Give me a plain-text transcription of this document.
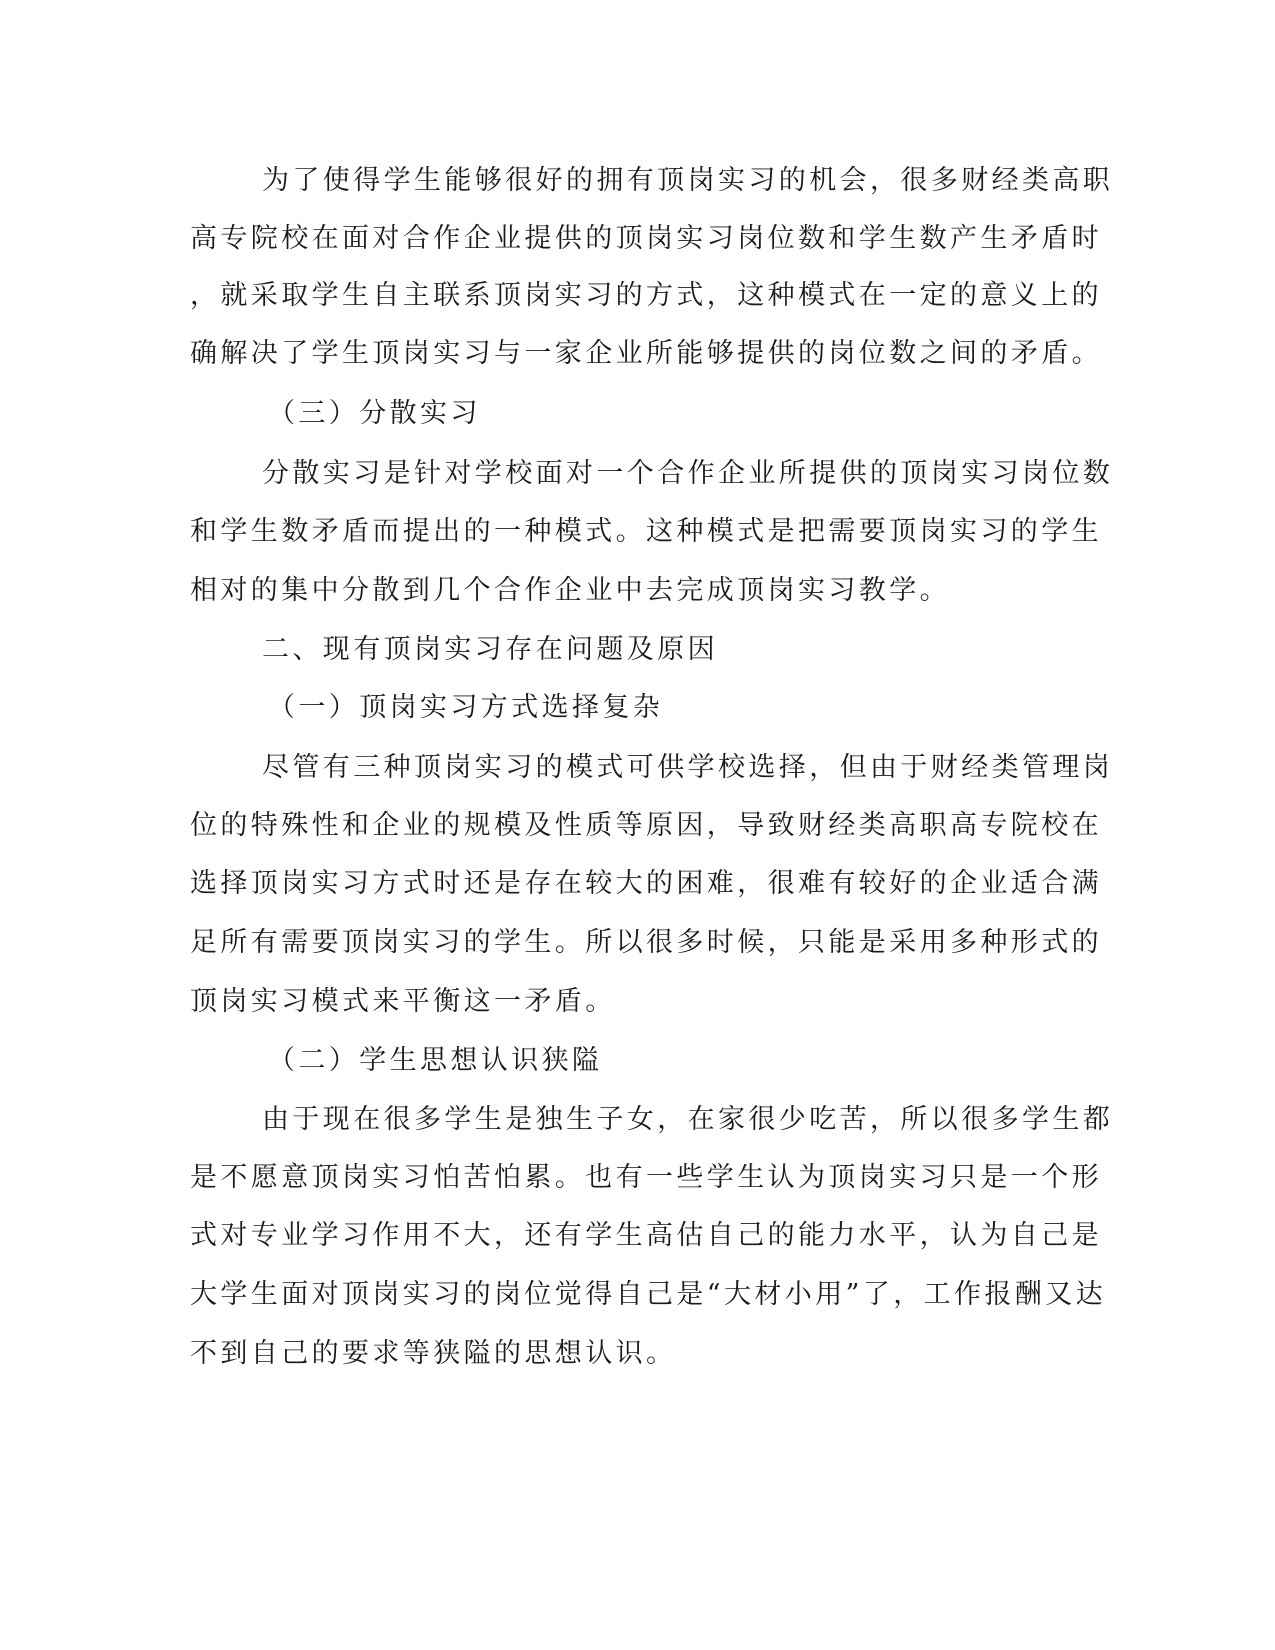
为了使得学生能够很好的拥有顶岗实习的机会，很多财经类高职

高专院校在面对合作企业提供的顶岗实习岗位数和学生数产生矛盾时

，就采取学生自主联系顶岗实习的方式，这种模式在一定的意义上的

确解决了学生顶岗实习与一家企业所能够提供的岗位数之间的矛盾。

（三）分散实习

分散实习是针对学校面对一个合作企业所提供的顶岗实习岗位数

和学生数矛盾而提出的一种模式。这种模式是把需要顶岗实习的学生

相对的集中分散到几个合作企业中去完成顶岗实习教学。

二、现有顶岗实习存在问题及原因

（一）顶岗实习方式选择复杂

尽管有三种顶岗实习的模式可供学校选择，但由于财经类管理岗

位的特殊性和企业的规模及性质等原因，导致财经类高职高专院校在

选择顶岗实习方式时还是存在较大的困难，很难有较好的企业适合满

足所有需要顶岗实习的学生。所以很多时候，只能是采用多种形式的

顶岗实习模式来平衡这一矛盾。

（二）学生思想认识狭隘

由于现在很多学生是独生子女，在家很少吃苦，所以很多学生都

是不愿意顶岗实习怕苦怕累。也有一些学生认为顶岗实习只是一个形

式对专业学习作用不大，还有学生高估自己的能力水平，认为自己是

大学生面对顶岗实习的岗位觉得自己是“大材小用”了，工作报酬又达

不到自己的要求等狭隘的思想认识。
